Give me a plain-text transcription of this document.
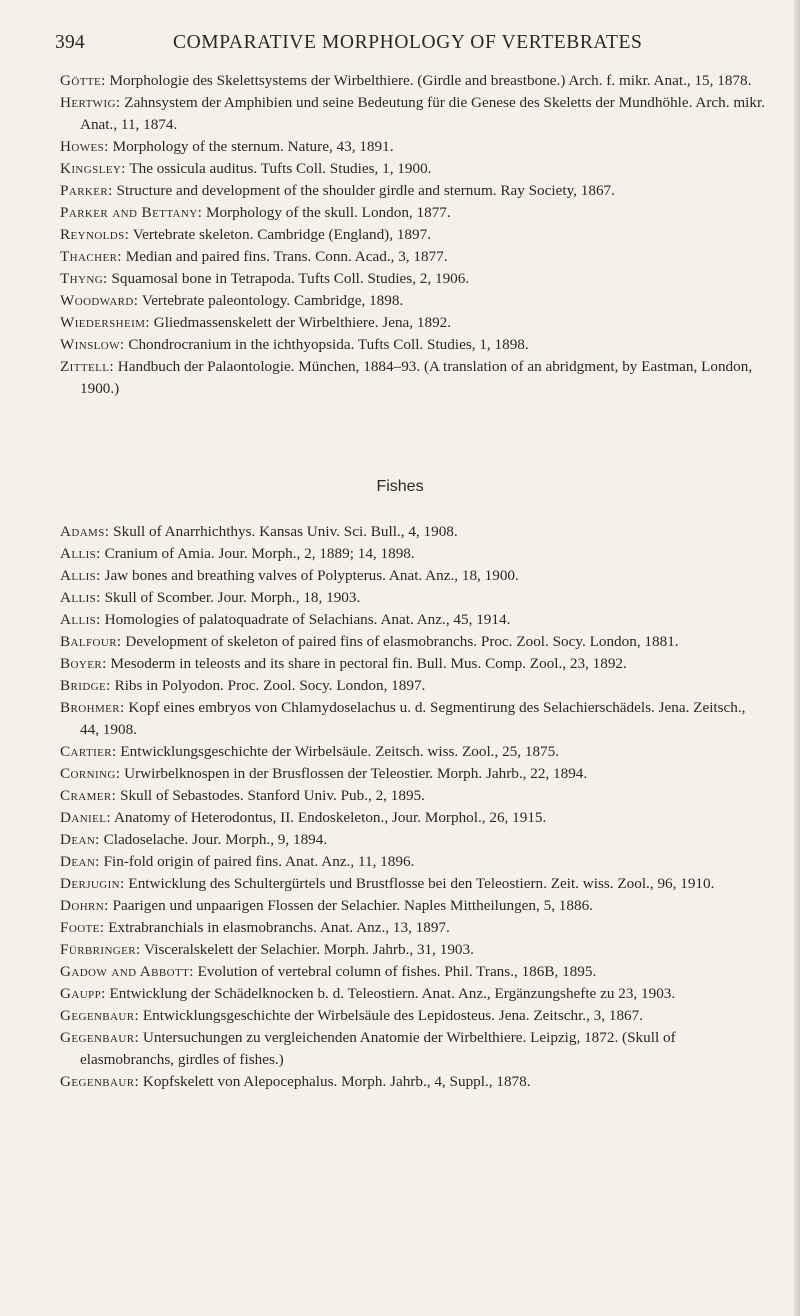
394	COMPARATIVE MORPHOLOGY OF VERTEBRATES

Götte: Morphologie des Skelettsystems der Wirbelthiere. (Girdle and breastbone.) Arch. f. mikr. Anat., 15, 1878.

Hertwig: Zahnsystem der Amphibien und seine Bedeutung für die Genese des Skeletts der Mundhöhle. Arch. mikr. Anat., 11, 1874.

Howes: Morphology of the sternum. Nature, 43, 1891.

Kingsley: The ossicula auditus. Tufts Coll. Studies, 1, 1900.

Parker: Structure and development of the shoulder girdle and sternum. Ray Society, 1867.

Parker and Bettany: Morphology of the skull. London, 1877.

Reynolds: Vertebrate skeleton. Cambridge (England), 1897.

Thacher: Median and paired fins. Trans. Conn. Acad., 3, 1877.

Thyng: Squamosal bone in Tetrapoda. Tufts Coll. Studies, 2, 1906.

Woodward: Vertebrate paleontology. Cambridge, 1898.

Wiedersheim: Gliedmassenskelett der Wirbelthiere. Jena, 1892.

Winslow: Chondrocranium in the ichthyopsida. Tufts Coll. Studies, 1, 1898.

Zittell: Handbuch der Palaontologie. München, 1884–93. (A translation of an abridgment, by Eastman, London, 1900.)

Fishes

Adams: Skull of Anarrhichthys. Kansas Univ. Sci. Bull., 4, 1908.

Allis: Cranium of Amia. Jour. Morph., 2, 1889; 14, 1898.

Allis: Jaw bones and breathing valves of Polypterus. Anat. Anz., 18, 1900.

Allis: Skull of Scomber. Jour. Morph., 18, 1903.

Allis: Homologies of palatoquadrate of Selachians. Anat. Anz., 45, 1914.

Balfour: Development of skeleton of paired fins of elasmobranchs. Proc. Zool. Socy. London, 1881.

Boyer: Mesoderm in teleosts and its share in pectoral fin. Bull. Mus. Comp. Zool., 23, 1892.

Bridge: Ribs in Polyodon. Proc. Zool. Socy. London, 1897.

Brohmer: Kopf eines embryos von Chlamydoselachus u. d. Segmentirung des Selachierschädels. Jena. Zeitsch., 44, 1908.

Cartier: Entwicklungsgeschichte der Wirbelsäule. Zeitsch. wiss. Zool., 25, 1875.

Corning: Urwirbelknospen in der Brusflossen der Teleostier. Morph. Jahrb., 22, 1894.

Cramer: Skull of Sebastodes. Stanford Univ. Pub., 2, 1895.

Daniel: Anatomy of Heterodontus, II. Endoskeleton., Jour. Morphol., 26, 1915.

Dean: Cladoselache. Jour. Morph., 9, 1894.

Dean: Fin-fold origin of paired fins. Anat. Anz., 11, 1896.

Derjugin: Entwicklung des Schultergürtels und Brustflosse bei den Teleostiern. Zeit. wiss. Zool., 96, 1910.

Dohrn: Paarigen und unpaarigen Flossen der Selachier. Naples Mittheilungen, 5, 1886.

Foote: Extrabranchials in elasmobranchs. Anat. Anz., 13, 1897.

Fürbringer: Visceralskelett der Selachier. Morph. Jahrb., 31, 1903.

Gadow and Abbott: Evolution of vertebral column of fishes. Phil. Trans., 186B, 1895.

Gaupp: Entwicklung der Schädelknocken b. d. Teleostiern. Anat. Anz., Ergänzungshefte zu 23, 1903.

Gegenbaur: Entwicklungsgeschichte der Wirbelsäule des Lepidosteus. Jena. Zeitschr., 3, 1867.

Gegenbaur: Untersuchungen zu vergleichenden Anatomie der Wirbelthiere. Leipzig, 1872. (Skull of elasmobranchs, girdles of fishes.)

Gegenbaur: Kopfskelett von Alepocephalus. Morph. Jahrb., 4, Suppl., 1878.
